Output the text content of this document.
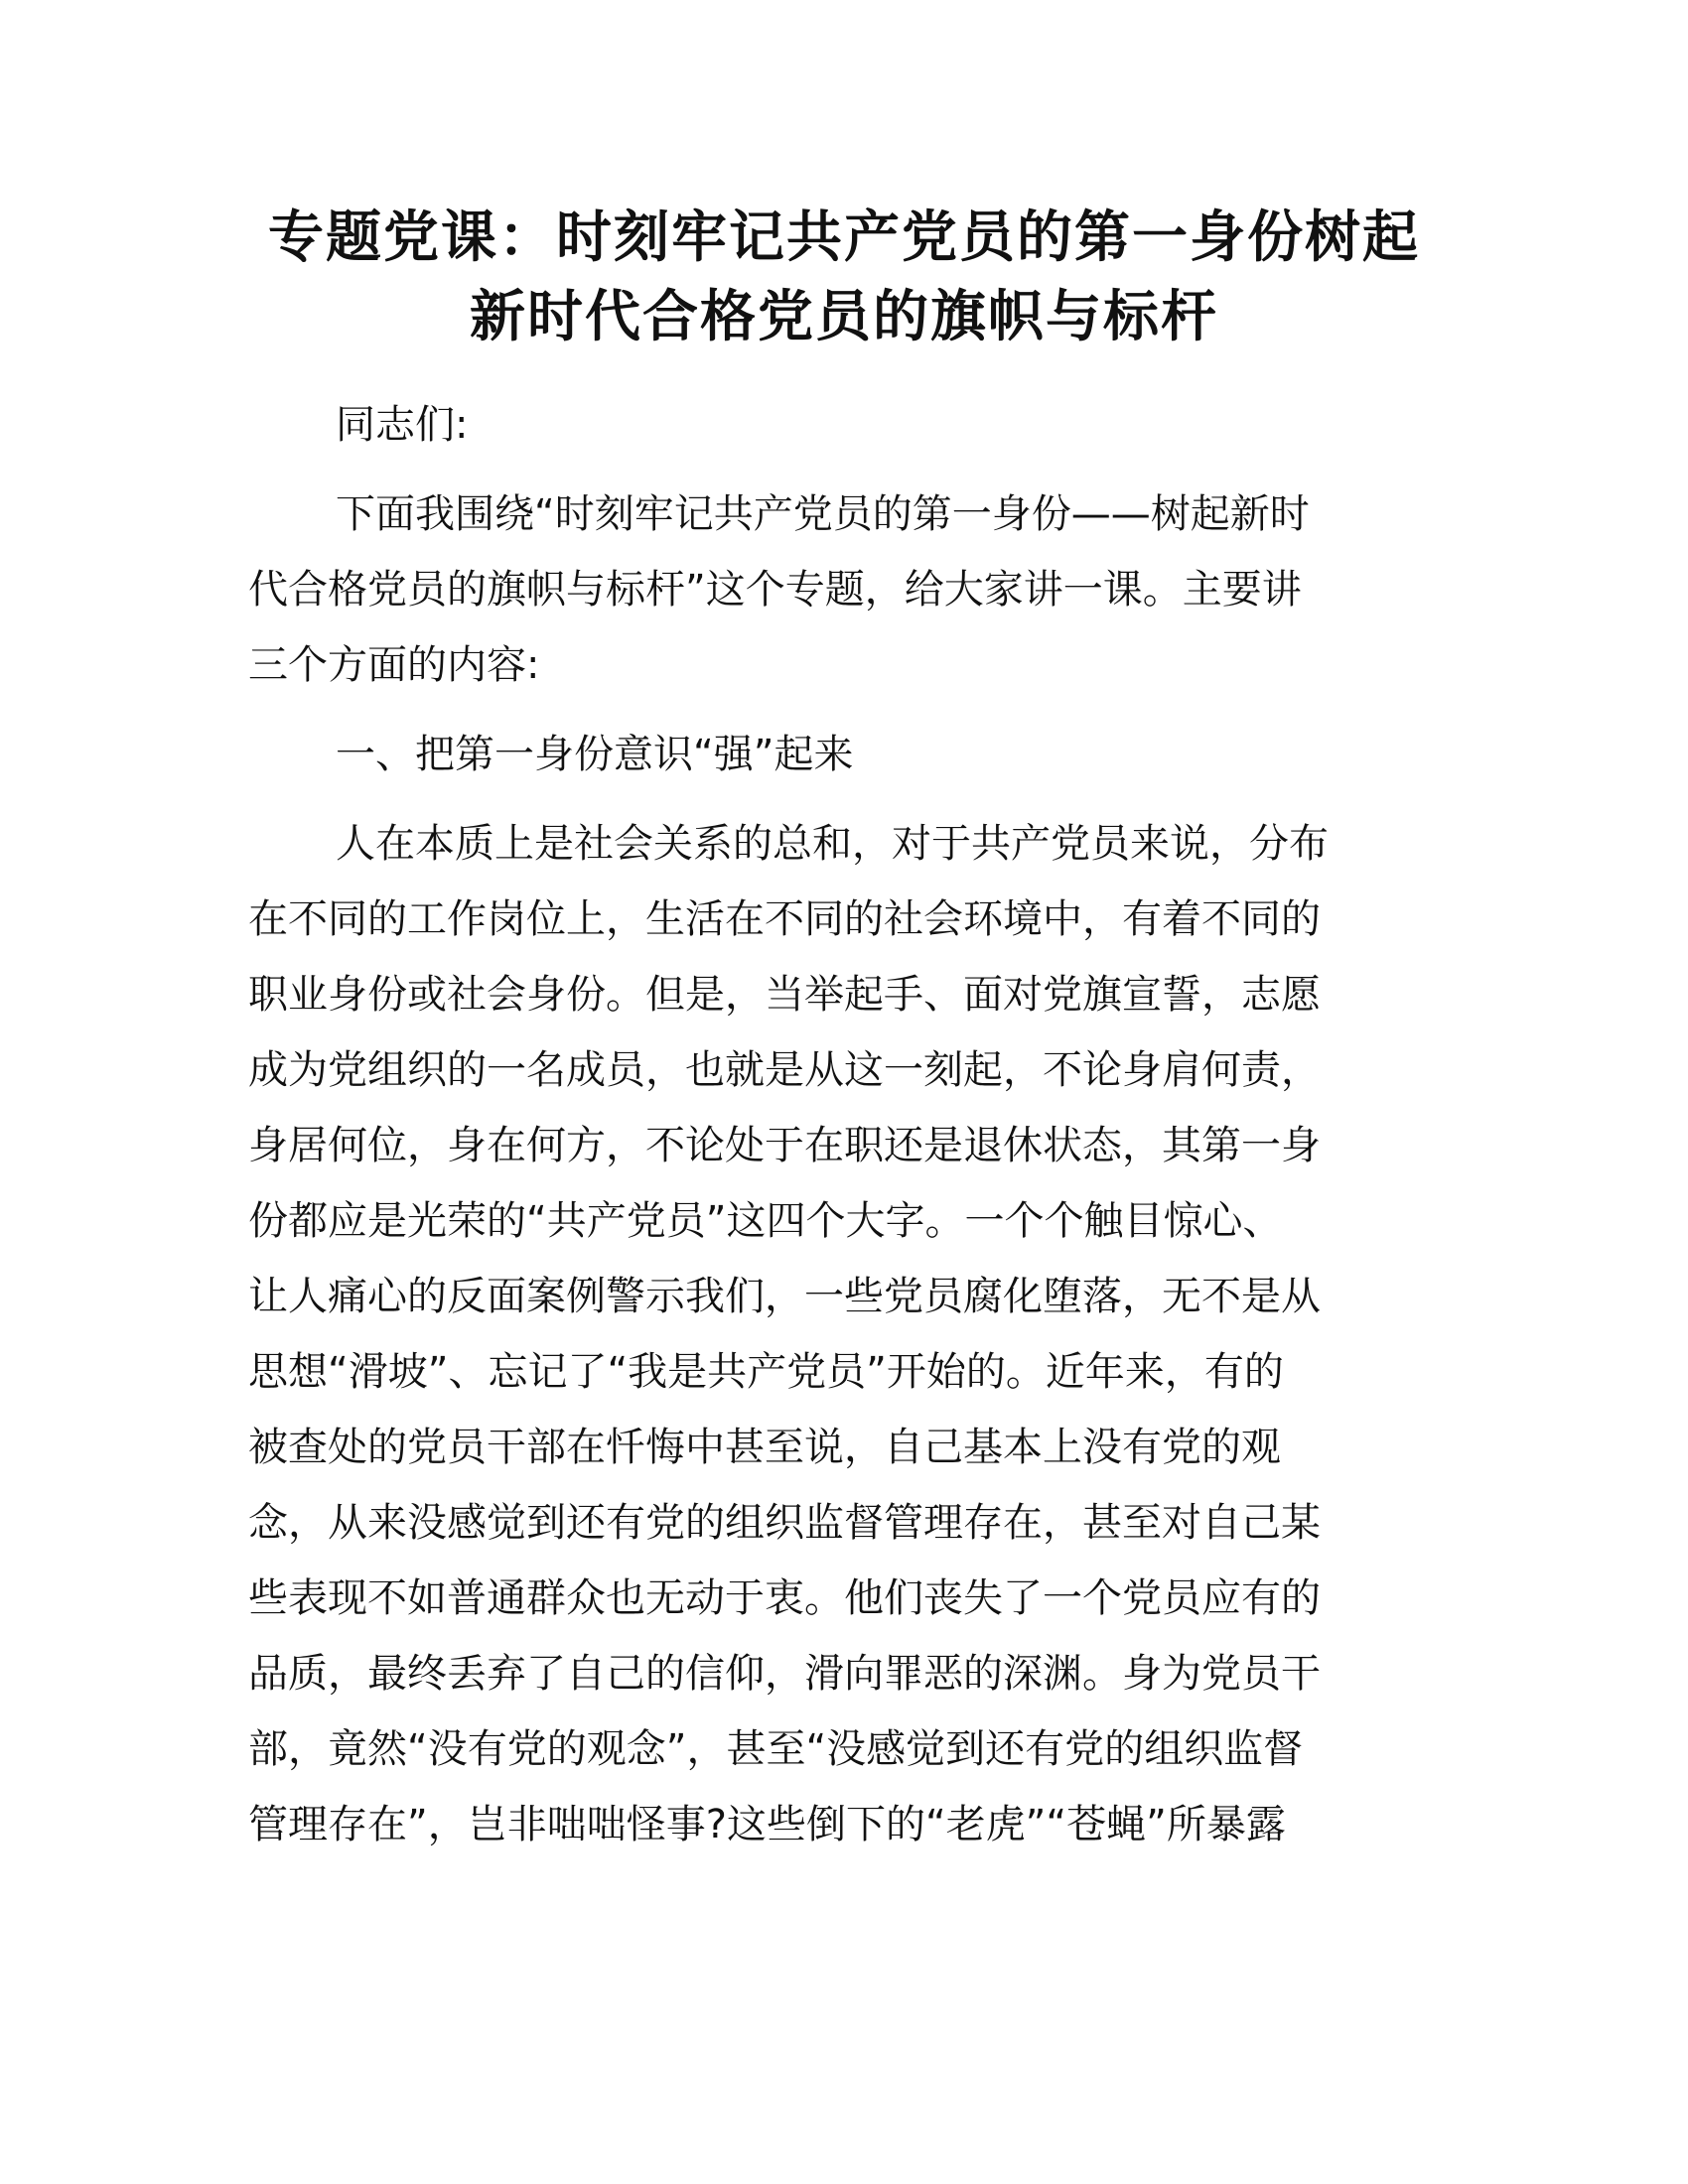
专题党课：时刻牢记共产党员的第一身份树起
新时代合格党员的旗帜与标杆

同志们:

下面我围绕“时刻牢记共产党员的第一身份——树起新时
代合格党员的旗帜与标杆”这个专题，给大家讲一课。主要讲
三个方面的内容:

一、把第一身份意识“强”起来

人在本质上是社会关系的总和，对于共产党员来说，分布
在不同的工作岗位上，生活在不同的社会环境中，有着不同的
职业身份或社会身份。但是，当举起手、面对党旗宣誓，志愿
成为党组织的一名成员，也就是从这一刻起，不论身肩何责，
身居何位，身在何方，不论处于在职还是退休状态，其第一身
份都应是光荣的“共产党员”这四个大字。一个个触目惊心、
让人痛心的反面案例警示我们，一些党员腐化堕落，无不是从
思想“滑坡”、忘记了“我是共产党员”开始的。近年来，有的
被查处的党员干部在忏悔中甚至说，自己基本上没有党的观
念，从来没感觉到还有党的组织监督管理存在，甚至对自己某
些表现不如普通群众也无动于衷。他们丧失了一个党员应有的
品质，最终丢弃了自己的信仰，滑向罪恶的深渊。身为党员干
部，竟然“没有党的观念”，甚至“没感觉到还有党的组织监督
管理存在”，岂非咄咄怪事?这些倒下的“老虎”“苍蝇”所暴露
